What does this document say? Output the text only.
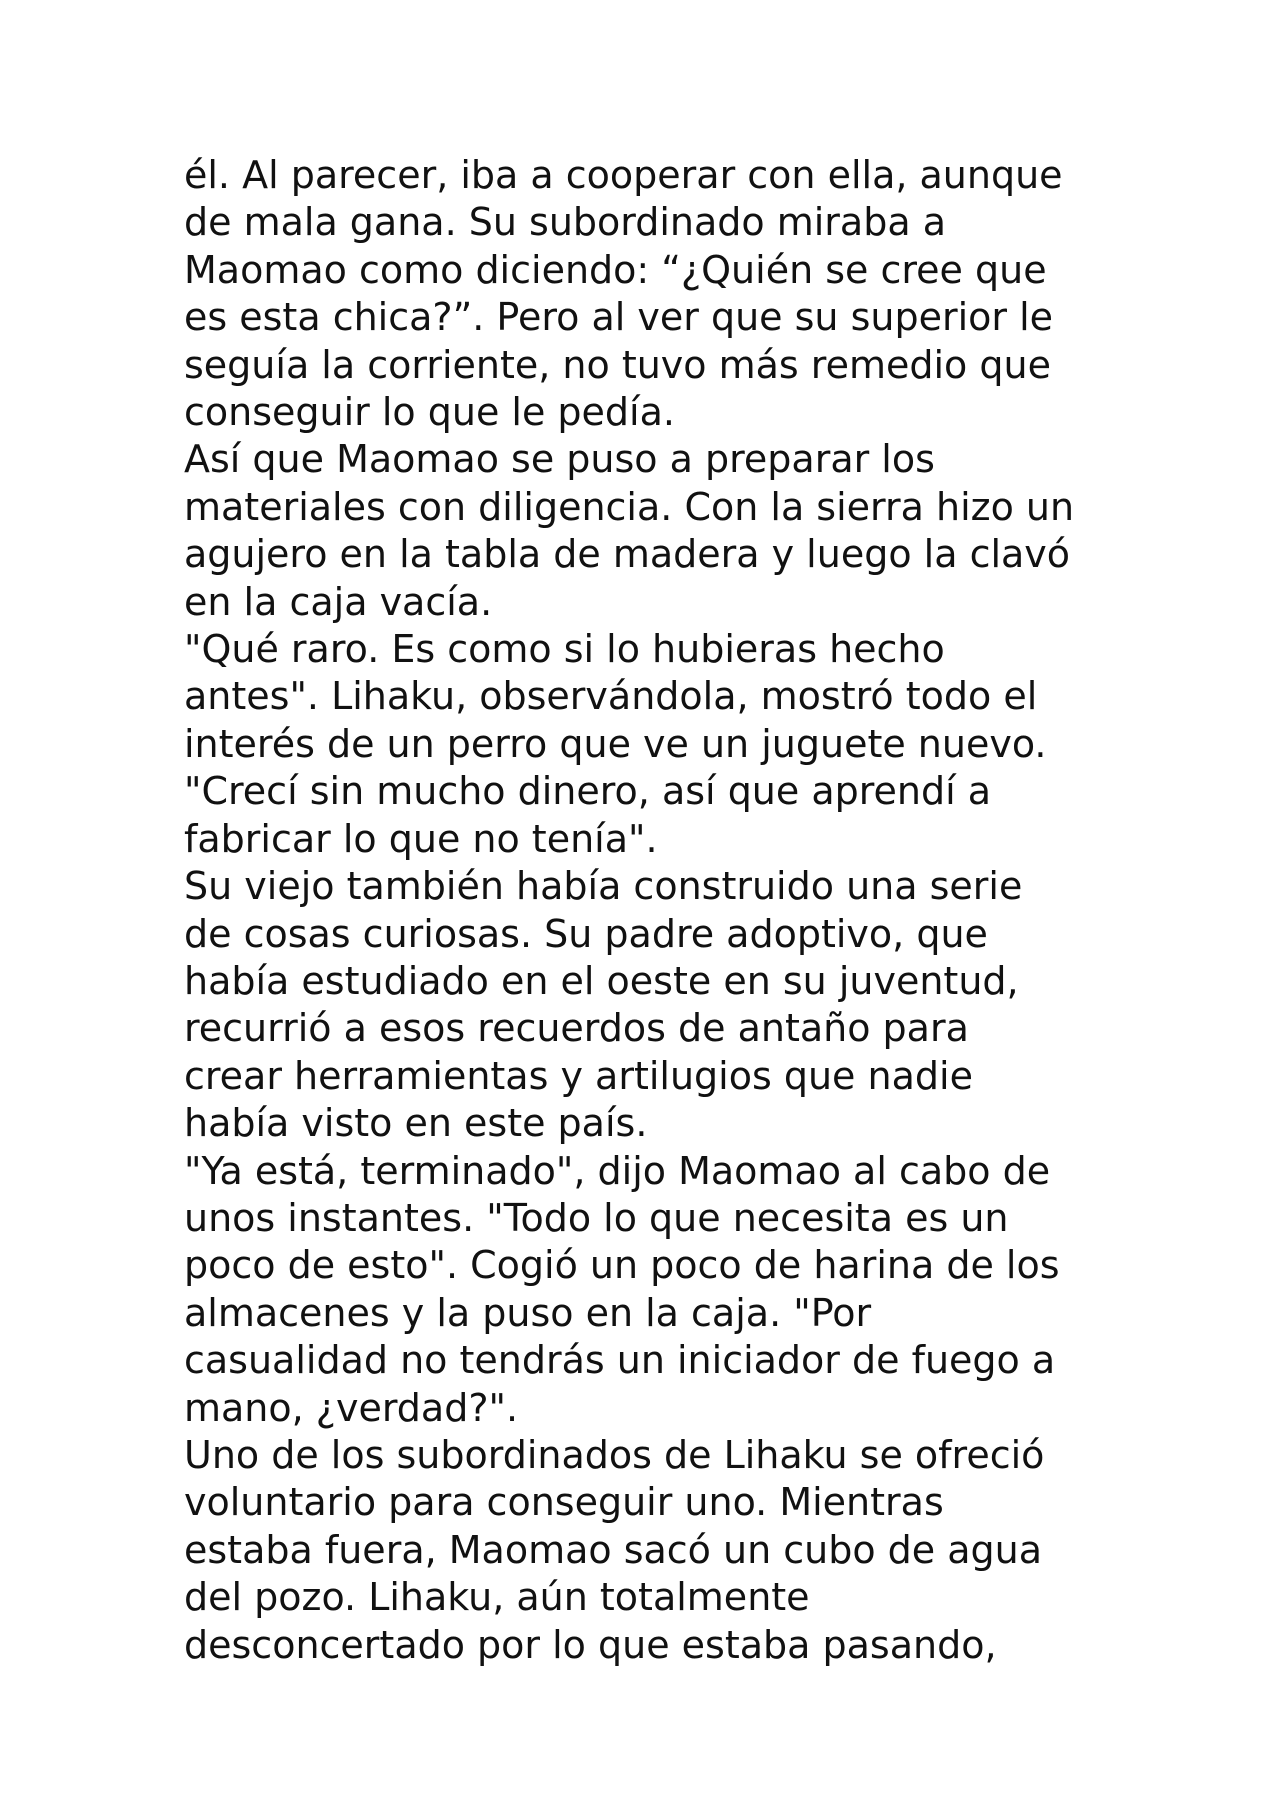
él. Al parecer, iba a cooperar con ella, aunque
de mala gana. Su subordinado miraba a
Maomao como diciendo: “¿Quién se cree que
es esta chica?”. Pero al ver que su superior le
seguía la corriente, no tuvo más remedio que
conseguir lo que le pedía.
Así que Maomao se puso a preparar los
materiales con diligencia. Con la sierra hizo un
agujero en la tabla de madera y luego la clavó
en la caja vacía.
"Qué raro. Es como si lo hubieras hecho
antes". Lihaku, observándola, mostró todo el
interés de un perro que ve un juguete nuevo.
"Crecí sin mucho dinero, así que aprendí a
fabricar lo que no tenía".
Su viejo también había construido una serie
de cosas curiosas. Su padre adoptivo, que
había estudiado en el oeste en su juventud,
recurrió a esos recuerdos de antaño para
crear herramientas y artilugios que nadie
había visto en este país.
"Ya está, terminado", dijo Maomao al cabo de
unos instantes. "Todo lo que necesita es un
poco de esto". Cogió un poco de harina de los
almacenes y la puso en la caja. "Por
casualidad no tendrás un iniciador de fuego a
mano, ¿verdad?".
Uno de los subordinados de Lihaku se ofreció
voluntario para conseguir uno. Mientras
estaba fuera, Maomao sacó un cubo de agua
del pozo. Lihaku, aún totalmente
desconcertado por lo que estaba pasando,
